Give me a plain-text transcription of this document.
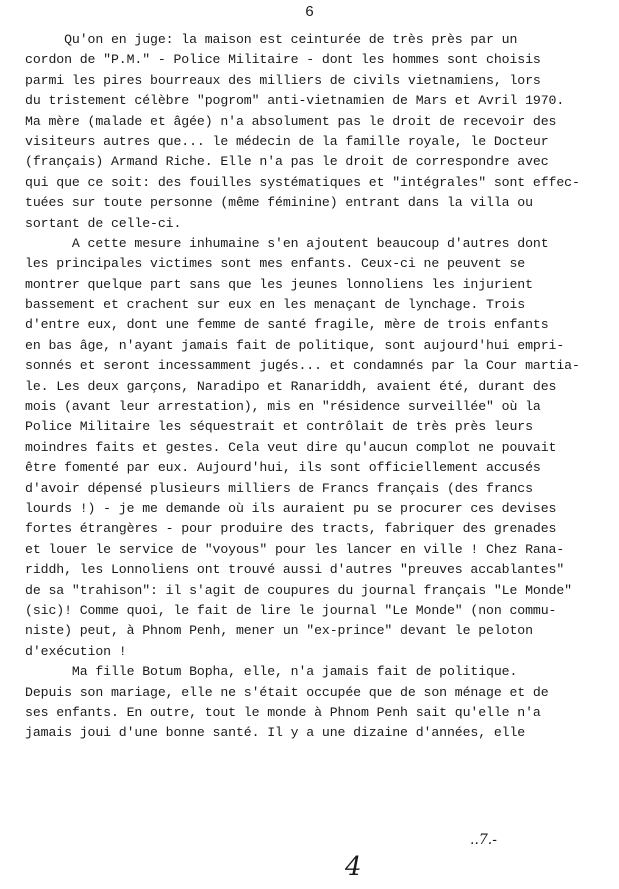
6
Qu'on en juge: la maison est ceinturée de très près par un
cordon de "P.M." - Police Militaire - dont les hommes sont choisis
parmi les pires bourreaux des milliers de civils vietnamiens, lors
du tristement célèbre "pogrom" anti-vietnamien de Mars et Avril 1970.
Ma mère (malade et âgée) n'a absolument pas le droit de recevoir des
visiteurs autres que... le médecin de la famille royale, le Docteur
(français) Armand Riche. Elle n'a pas le droit de correspondre avec
qui que ce soit: des fouilles systématiques et "intégrales" sont effec-
tuées sur toute personne (même féminine) entrant dans la villa ou
sortant de celle-ci.
A cette mesure inhumaine s'en ajoutent beaucoup d'autres dont
les principales victimes sont mes enfants. Ceux-ci ne peuvent se
montrer quelque part sans que les jeunes lonnoliens les injurient
bassement et crachent sur eux en les menaçant de lynchage. Trois
d'entre eux, dont une femme de santé fragile, mère de trois enfants
en bas âge, n'ayant jamais fait de politique, sont aujourd'hui empri-
sonnés et seront incessamment jugés... et condamnés par la Cour martia-
le. Les deux garçons, Naradipo et Ranariddh, avaient été, durant des
mois (avant leur arrestation), mis en "résidence surveillée" où la
Police Militaire les séquestrait et contrôlait de très près leurs
moindres faits et gestes. Cela veut dire qu'aucun complot ne pouvait
être fomenté par eux. Aujourd'hui, ils sont officiellement accusés
d'avoir dépensé plusieurs milliers de Francs français (des francs
lourds !) - je me demande où ils auraient pu se procurer ces devises
fortes étrangères - pour produire des tracts, fabriquer des grenades
et louer le service de "voyous" pour les lancer en ville ! Chez Rana-
riddh, les Lonnoliens ont trouvé aussi d'autres "preuves accablantes"
de sa "trahison": il s'agit de coupures du journal français "Le Monde"
(sic)! Comme quoi, le fait de lire le journal "Le Monde" (non commu-
niste) peut, à Phnom Penh, mener un "ex-prince" devant le peloton
d'exécution !
Ma fille Botum Bopha, elle, n'a jamais fait de politique.
Depuis son mariage, elle ne s'était occupée que de son ménage et de
ses enfants. En outre, tout le monde à Phnom Penh sait qu'elle n'a
jamais joui d'une bonne santé. Il y a une dizaine d'années, elle
..7.-
4
